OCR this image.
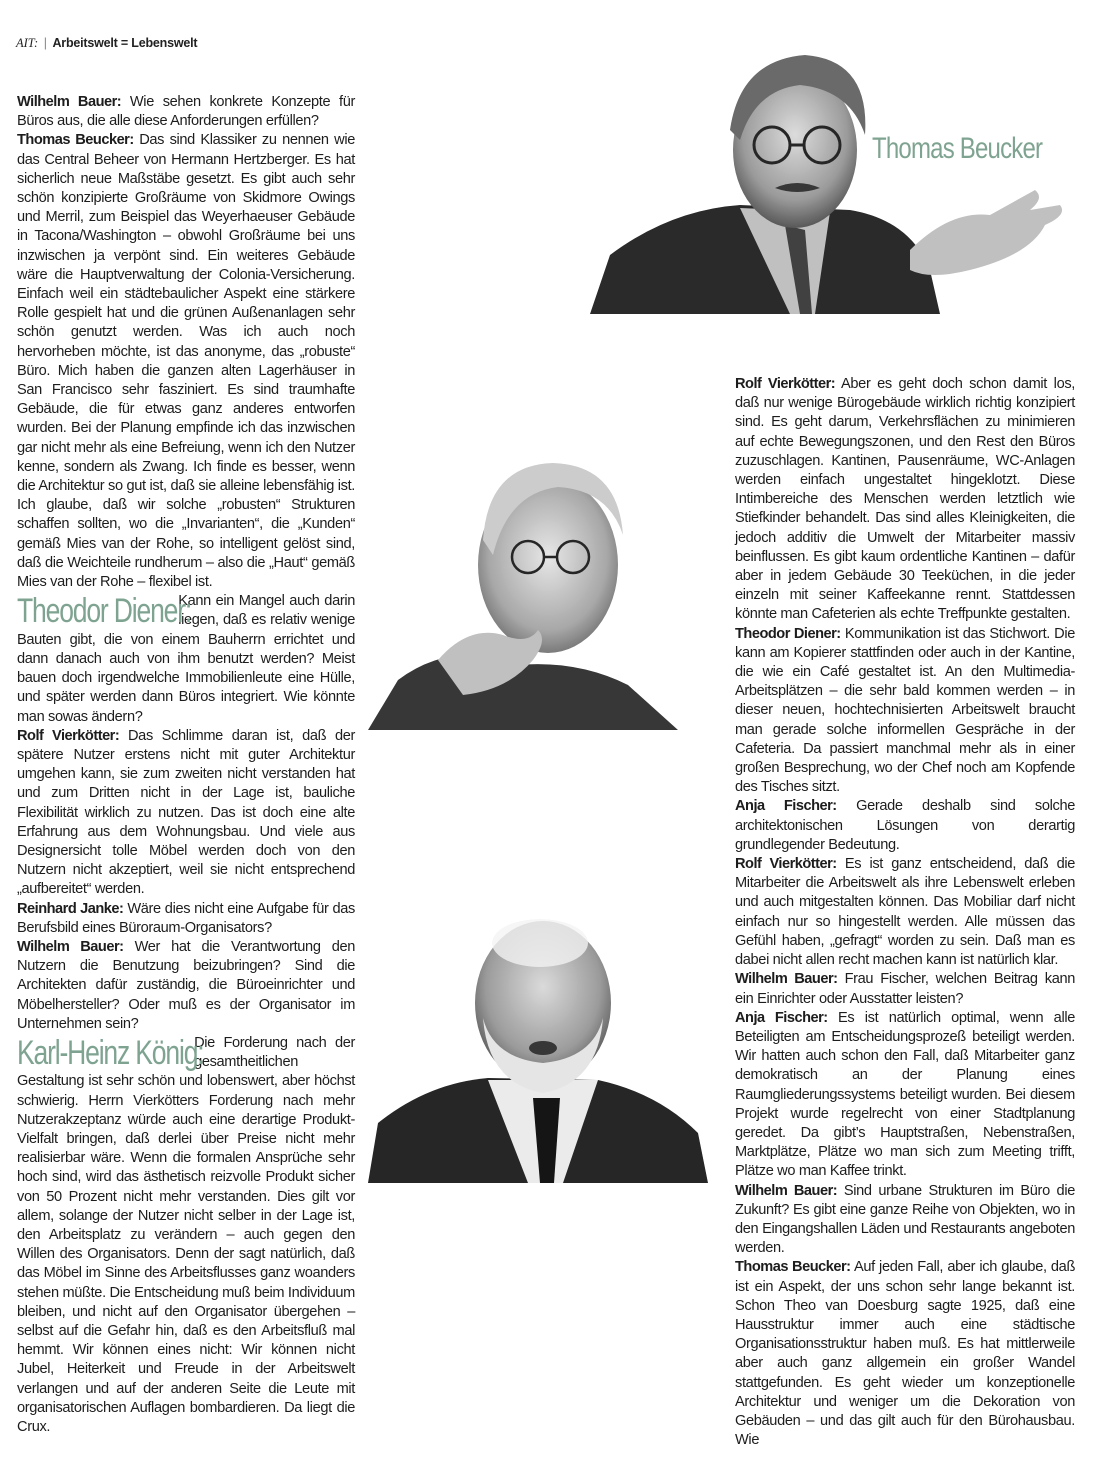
AIT: | Arbeitswelt = Lebenswelt
Thomas Beucker

Wilhelm Bauer: Wie sehen konkrete Konzepte für Büros aus, die alle diese Anforderungen erfüllen?

Thomas Beucker: Das sind Klassiker zu nennen wie das Central Beheer von Hermann Hertzberger. Es hat sicherlich neue Maßstäbe gesetzt. Es gibt auch sehr schön konzipierte Großräume von Skidmore Owings und Merril, zum Beispiel das Weyerhaeuser Gebäude in Tacona/Washington – obwohl Großräume bei uns inzwischen ja verpönt sind. Ein weiteres Gebäude wäre die Hauptverwaltung der Colonia-Versicherung. Einfach weil ein städtebaulicher Aspekt eine stärkere Rolle gespielt hat und die grünen Außenanlagen sehr schön genutzt werden. Was ich auch noch hervorheben möchte, ist das anonyme, das „robuste“ Büro. Mich haben die ganzen alten Lagerhäuser in San Francisco sehr fasziniert. Es sind traumhafte Gebäude, die für etwas ganz anderes entworfen wurden. Bei der Planung empfinde ich das inzwischen gar nicht mehr als eine Befreiung, wenn ich den Nutzer kenne, sondern als Zwang. Ich finde es besser, wenn die Architektur so gut ist, daß sie alleine lebensfähig ist. Ich glaube, daß wir solche „robusten“ Strukturen schaffen sollten, wo die „Invarianten“, die „Kunden“ gemäß Mies van der Rohe, so intelligent gelöst sind, daß die Weichteile rundherum – also die „Haut“ gemäß Mies van der Rohe – flexibel ist.

Theodor Diener:
Kann ein Mangel auch darin liegen, daß es relativ wenige Bauten gibt, die von einem Bauherrn errichtet und dann danach auch von ihm benutzt werden? Meist bauen doch irgendwelche Immobilienleute eine Hülle, und später werden dann Büros integriert. Wie könnte man sowas ändern?

Rolf Vierkötter: Das Schlimme daran ist, daß der spätere Nutzer erstens nicht mit guter Architektur umgehen kann, sie zum zweiten nicht verstanden hat und zum Dritten nicht in der Lage ist, bauliche Flexibilität wirklich zu nutzen. Das ist doch eine alte Erfahrung aus dem Wohnungsbau. Und viele aus Designersicht tolle Möbel werden doch von den Nutzern nicht akzeptiert, weil sie nicht entsprechend „aufbereitet“ werden.

Reinhard Janke: Wäre dies nicht eine Aufgabe für das Berufsbild eines Büroraum-Organisators?

Wilhelm Bauer: Wer hat die Verantwortung den Nutzern die Benutzung beizubringen? Sind die Architekten dafür zuständig, die Büroeinrichter und Möbelhersteller? Oder muß es der Organisator im Unternehmen sein?

Karl-Heinz König:
Die Forderung nach der gesamtheitlichen Gestaltung ist sehr schön und lobenswert, aber höchst schwierig. Herrn Vierkötters Forderung nach mehr Nutzerakzeptanz würde auch eine derartige Produkt-Vielfalt bringen, daß derlei über Preise nicht mehr realisierbar wäre. Wenn die formalen Ansprüche sehr hoch sind, wird das ästhetisch reizvolle Produkt sicher von 50 Prozent nicht mehr verstanden. Dies gilt vor allem, solange der Nutzer nicht selber in der Lage ist, den Arbeitsplatz zu verändern – auch gegen den Willen des Organisators. Denn der sagt natürlich, daß das Möbel im Sinne des Arbeitsflusses ganz woanders stehen müßte. Die Entscheidung muß beim Individuum bleiben, und nicht auf den Organisator übergehen – selbst auf die Gefahr hin, daß es den Arbeitsfluß mal hemmt. Wir können eines nicht: Wir können nicht Jubel, Heiterkeit und Freude in der Arbeitswelt verlangen und auf der anderen Seite die Leute mit organisatorischen Auflagen bombardieren. Da liegt die Crux.

Rolf Vierkötter: Aber es geht doch schon damit los, daß nur wenige Bürogebäude wirklich richtig konzipiert sind. Es geht darum, Verkehrsflächen zu minimieren auf echte Bewegungszonen, und den Rest den Büros zuzuschlagen. Kantinen, Pausenräume, WC-Anlagen werden einfach ungestaltet hingeklotzt. Diese Intimbereiche des Menschen werden letztlich wie Stiefkinder behandelt. Das sind alles Kleinigkeiten, die jedoch additiv die Umwelt der Mitarbeiter massiv beinflussen. Es gibt kaum ordentliche Kantinen – dafür aber in jedem Gebäude 30 Teeküchen, in die jeder einzeln mit seiner Kaffeekanne rennt. Stattdessen könnte man Cafeterien als echte Treffpunkte gestalten.

Theodor Diener: Kommunikation ist das Stichwort. Die kann am Kopierer stattfinden oder auch in der Kantine, die wie ein Café gestaltet ist. An den Multimedia-Arbeitsplätzen – die sehr bald kommen werden – in dieser neuen, hochtechnisierten Arbeitswelt braucht man gerade solche informellen Gespräche in der Cafeteria. Da passiert manchmal mehr als in einer großen Besprechung, wo der Chef noch am Kopfende des Tisches sitzt.

Anja Fischer: Gerade deshalb sind solche architektonischen Lösungen von derartig grundlegender Bedeutung.

Rolf Vierkötter: Es ist ganz entscheidend, daß die Mitarbeiter die Arbeitswelt als ihre Lebenswelt erleben und auch mitgestalten können. Das Mobiliar darf nicht einfach nur so hingestellt werden. Alle müssen das Gefühl haben, „gefragt“ worden zu sein. Daß man es dabei nicht allen recht machen kann ist natürlich klar.

Wilhelm Bauer: Frau Fischer, welchen Beitrag kann ein Einrichter oder Ausstatter leisten?

Anja Fischer: Es ist natürlich optimal, wenn alle Beteiligten am Entscheidungsprozeß beteiligt werden. Wir hatten auch schon den Fall, daß Mitarbeiter ganz demokratisch an der Planung eines Raumgliederungssystems beteiligt wurden. Bei diesem Projekt wurde regelrecht von einer Stadtplanung geredet. Da gibt’s Hauptstraßen, Nebenstraßen, Marktplätze, Plätze wo man sich zum Meeting trifft, Plätze wo man Kaffee trinkt.

Wilhelm Bauer: Sind urbane Strukturen im Büro die Zukunft? Es gibt eine ganze Reihe von Objekten, wo in den Eingangshallen Läden und Restaurants angeboten werden.

Thomas Beucker: Auf jeden Fall, aber ich glaube, daß ist ein Aspekt, der uns schon sehr lange bekannt ist. Schon Theo van Doesburg sagte 1925, daß eine Hausstruktur immer auch eine städtische Organisationsstruktur haben muß. Es hat mittlerweile aber auch ganz allgemein ein großer Wandel stattgefunden. Es geht wieder um konzeptionelle Architektur und weniger um die Dekoration von Gebäuden – und das gilt auch für den Bürohausbau. Wie
